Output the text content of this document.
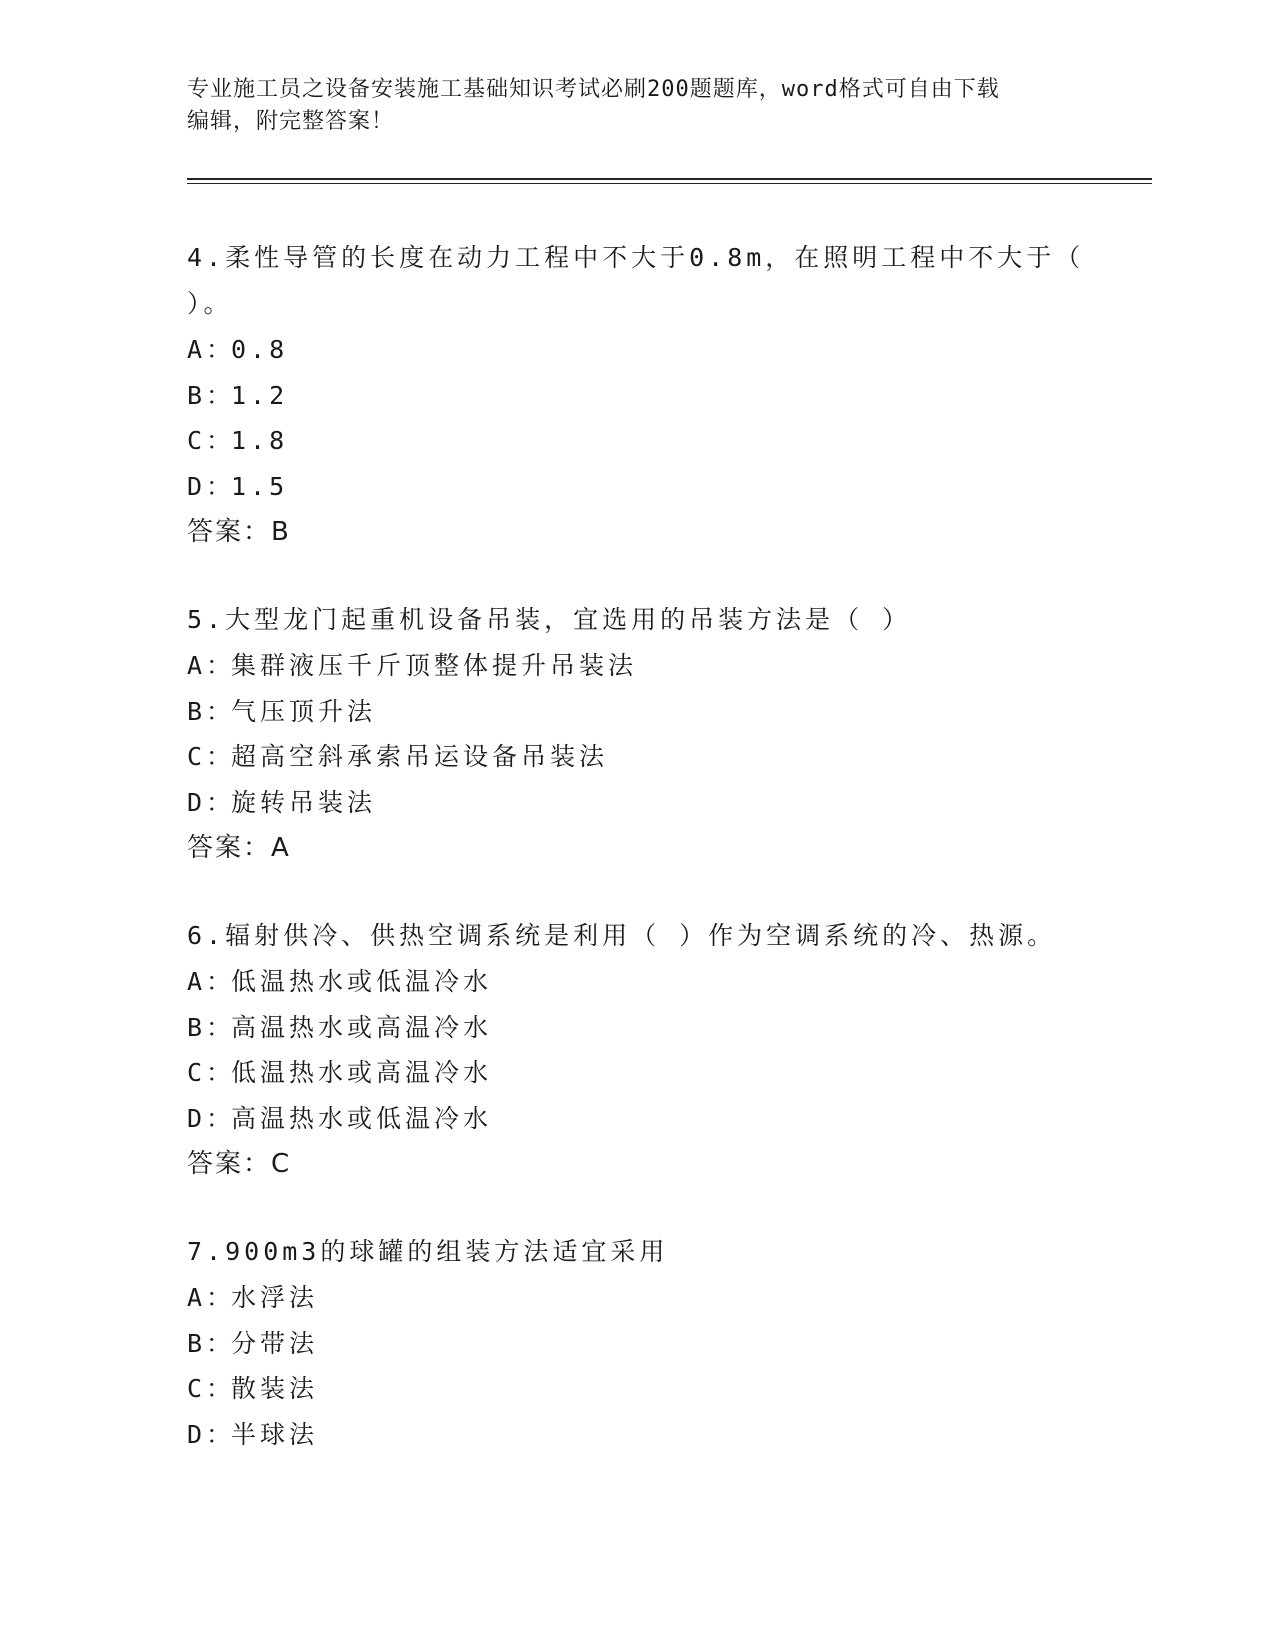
专业施工员之设备安装施工基础知识考试必刷200题题库，word格式可自由下载
编辑，附完整答案！
4.柔性导管的长度在动力工程中不大于0.8m，在照明工程中不大于（
）。
A：0.8
B：1.2
C：1.8
D：1.5
答案：B
5.大型龙门起重机设备吊装，宜选用的吊装方法是（ ）
A：集群液压千斤顶整体提升吊装法
B：气压顶升法
C：超高空斜承索吊运设备吊装法
D：旋转吊装法
答案：A
6.辐射供冷、供热空调系统是利用（ ）作为空调系统的冷、热源。
A：低温热水或低温冷水
B：高温热水或高温冷水
C：低温热水或高温冷水
D：高温热水或低温冷水
答案：C
7.900m3的球罐的组装方法适宜采用
A：水浮法
B：分带法
C：散装法
D：半球法
